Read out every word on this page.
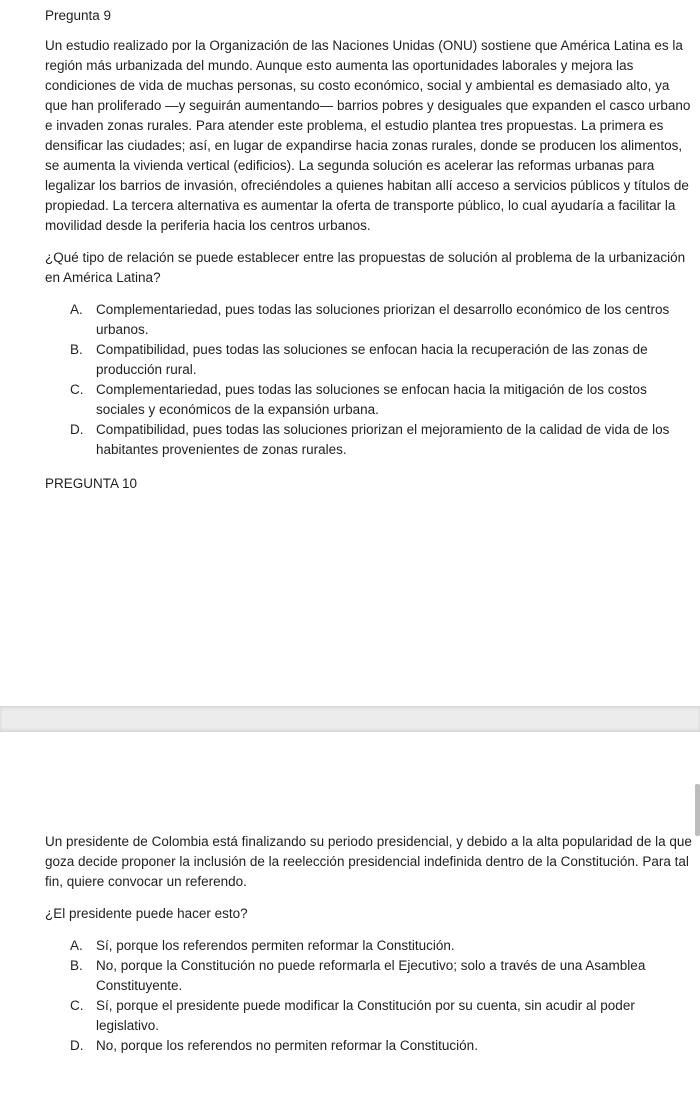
Pregunta 9

Un estudio realizado por la Organización de las Naciones Unidas (ONU) sostiene que América Latina es la región más urbanizada del mundo. Aunque esto aumenta las oportunidades laborales y mejora las condiciones de vida de muchas personas, su costo económico, social y ambiental es demasiado alto, ya que han proliferado —y seguirán aumentando— barrios pobres y desiguales que expanden el casco urbano e invaden zonas rurales. Para atender este problema, el estudio plantea tres propuestas. La primera es densificar las ciudades; así, en lugar de expandirse hacia zonas rurales, donde se producen los alimentos, se aumenta la vivienda vertical (edificios). La segunda solución es acelerar las reformas urbanas para legalizar los barrios de invasión, ofreciéndoles a quienes habitan allí acceso a servicios públicos y títulos de propiedad. La tercera alternativa es aumentar la oferta de transporte público, lo cual ayudaría a facilitar la movilidad desde la periferia hacia los centros urbanos.

¿Qué tipo de relación se puede establecer entre las propuestas de solución al problema de la urbanización en América Latina?

A. Complementariedad, pues todas las soluciones priorizan el desarrollo económico de los centros urbanos.
B. Compatibilidad, pues todas las soluciones se enfocan hacia la recuperación de las zonas de producción rural.
C. Complementariedad, pues todas las soluciones se enfocan hacia la mitigación de los costos sociales y económicos de la expansión urbana.
D. Compatibilidad, pues todas las soluciones priorizan el mejoramiento de la calidad de vida de los habitantes provenientes de zonas rurales.
PREGUNTA 10

Un presidente de Colombia está finalizando su periodo presidencial, y debido a la alta popularidad de la que goza decide proponer la inclusión de la reelección presidencial indefinida dentro de la Constitución. Para tal fin, quiere convocar un referendo.

¿El presidente puede hacer esto?

A. Sí, porque los referendos permiten reformar la Constitución.
B. No, porque la Constitución no puede reformarla el Ejecutivo; solo a través de una Asamblea Constituyente.
C. Sí, porque el presidente puede modificar la Constitución por su cuenta, sin acudir al poder legislativo.
D. No, porque los referendos no permiten reformar la Constitución.
